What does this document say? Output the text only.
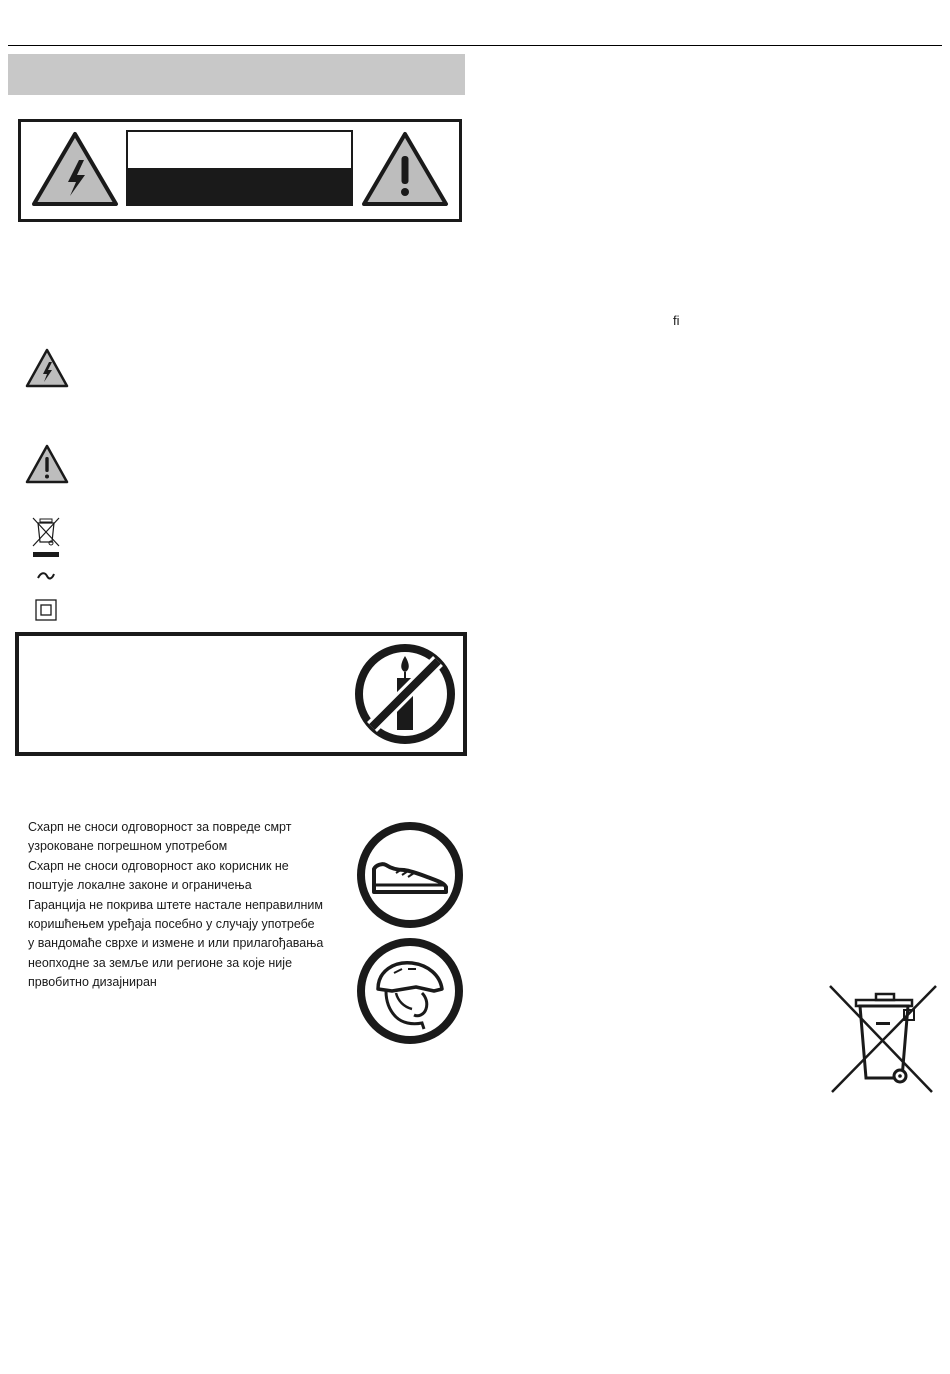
ﬁ

Схарп не сноси одговорност за повреде смрт

узроковане погрешном употребом

Схарп не сноси одговорност ако корисник не

поштује локалне законе и ограничења

Гаранција не покрива штете настале неправилним

коришћењем уређаја посебно у случају употребе

у вандомаће сврхе и измене и или прилагођавања

неопходне за земље или регионе за које није

првобитно дизајниран
